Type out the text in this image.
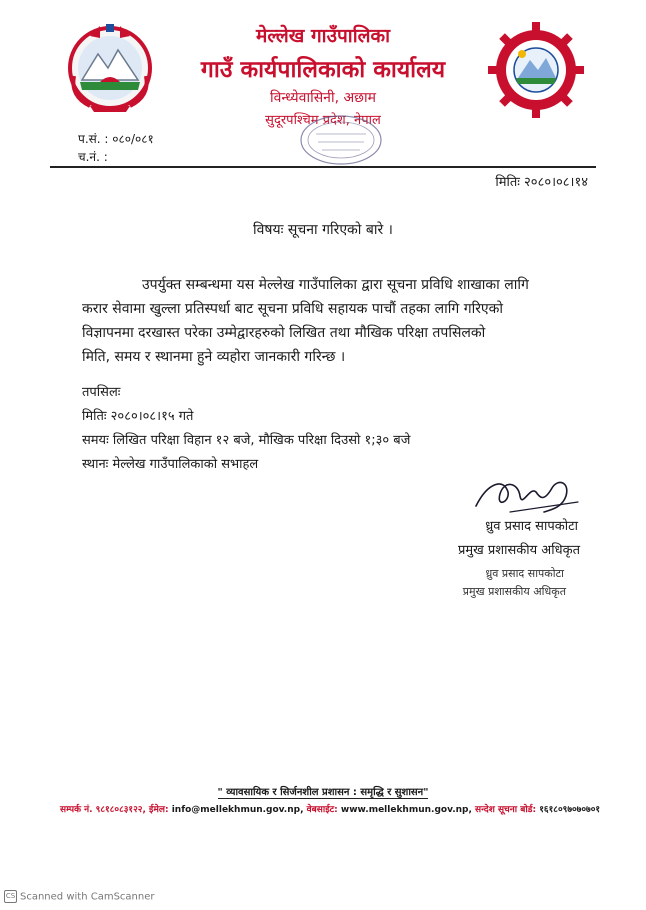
मेल्लेख गाउँपालिका
गाउँ कार्यपालिकाको कार्यालय
विन्ध्येवासिनी, अछाम
सुदूरपश्चिम प्रदेश, नेपाल
प.सं. : ०८०/०८१
च.नं. :
मितिः २०८०।०८।१४
विषयः सूचना गरिएको बारे ।
उपर्युक्त सम्बन्धमा यस मेल्लेख गाउँपालिका द्वारा सूचना प्रविधि शाखाका लागि
करार सेवामा खुल्ला प्रतिस्पर्धा बाट सूचना प्रविधि सहायक पाचौं तहका लागि गरिएको
विज्ञापनमा दरखास्त परेका उम्मेद्वारहरुको लिखित तथा मौखिक परिक्षा तपसिलको
मिति, समय र स्थानमा हुने व्यहोरा जानकारी गरिन्छ ।
तपसिलः
मितिः २०८०।०८।१५ गते
समयः लिखित परिक्षा विहान १२ बजे, मौखिक परिक्षा दिउसो १;३० बजे
स्थानः मेल्लेख गाउँपालिकाको सभाहल
ध्रुव प्रसाद सापकोटा
प्रमुख प्रशासकीय अधिकृत
ध्रुव प्रसाद सापकोटा
प्रमुख प्रशासकीय अधिकृत
" व्यावसायिक र सिर्जनशील प्रशासन : समृद्धि र सुशासन"
सम्पर्क नं. ९८१८०८३१२२, ईमेल: info@mellekhmun.gov.np, वेबसाईट: www.mellekhmun.gov.np, सन्देश सूचना बोर्ड: १६१८०९७०७०७०१
CS Scanned with CamScanner
